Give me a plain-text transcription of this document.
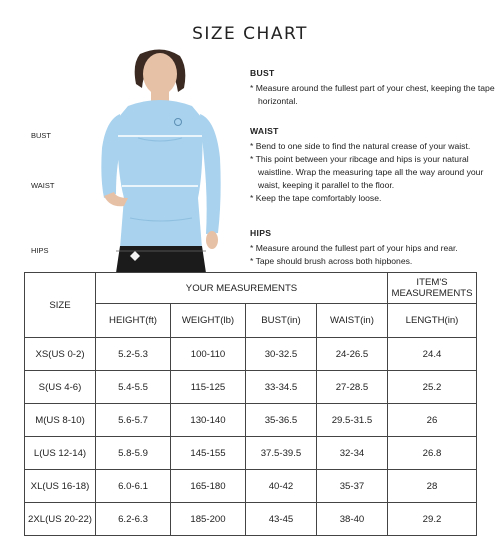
SIZE CHART
BUST
WAIST
HIPS
BUST

* Measure around the fullest part of your chest, keeping the tape horizontal.

WAIST

* Bend to one side to find the natural crease of your waist.

* This point between your ribcage and hips is your natural waistline. Wrap the measuring tape all the way around your waist, keeping it parallel to the floor.

* Keep the tape comfortably loose.

HIPS

* Measure around the fullest part of your hips and rear.

* Tape should brush across both hipbones.

SIZE	YOUR MEASUREMENTS				ITEM'S MEASUREMENTS
	HEIGHT(ft)	WEIGHT(lb)	BUST(in)	WAIST(in)	LENGTH(in)
XS(US 0-2)	5.2-5.3	100-110	30-32.5	24-26.5	24.4
S(US 4-6)	5.4-5.5	115-125	33-34.5	27-28.5	25.2
M(US 8-10)	5.6-5.7	130-140	35-36.5	29.5-31.5	26
L(US 12-14)	5.8-5.9	145-155	37.5-39.5	32-34	26.8
XL(US 16-18)	6.0-6.1	165-180	40-42	35-37	28
2XL(US 20-22)	6.2-6.3	185-200	43-45	38-40	29.2
